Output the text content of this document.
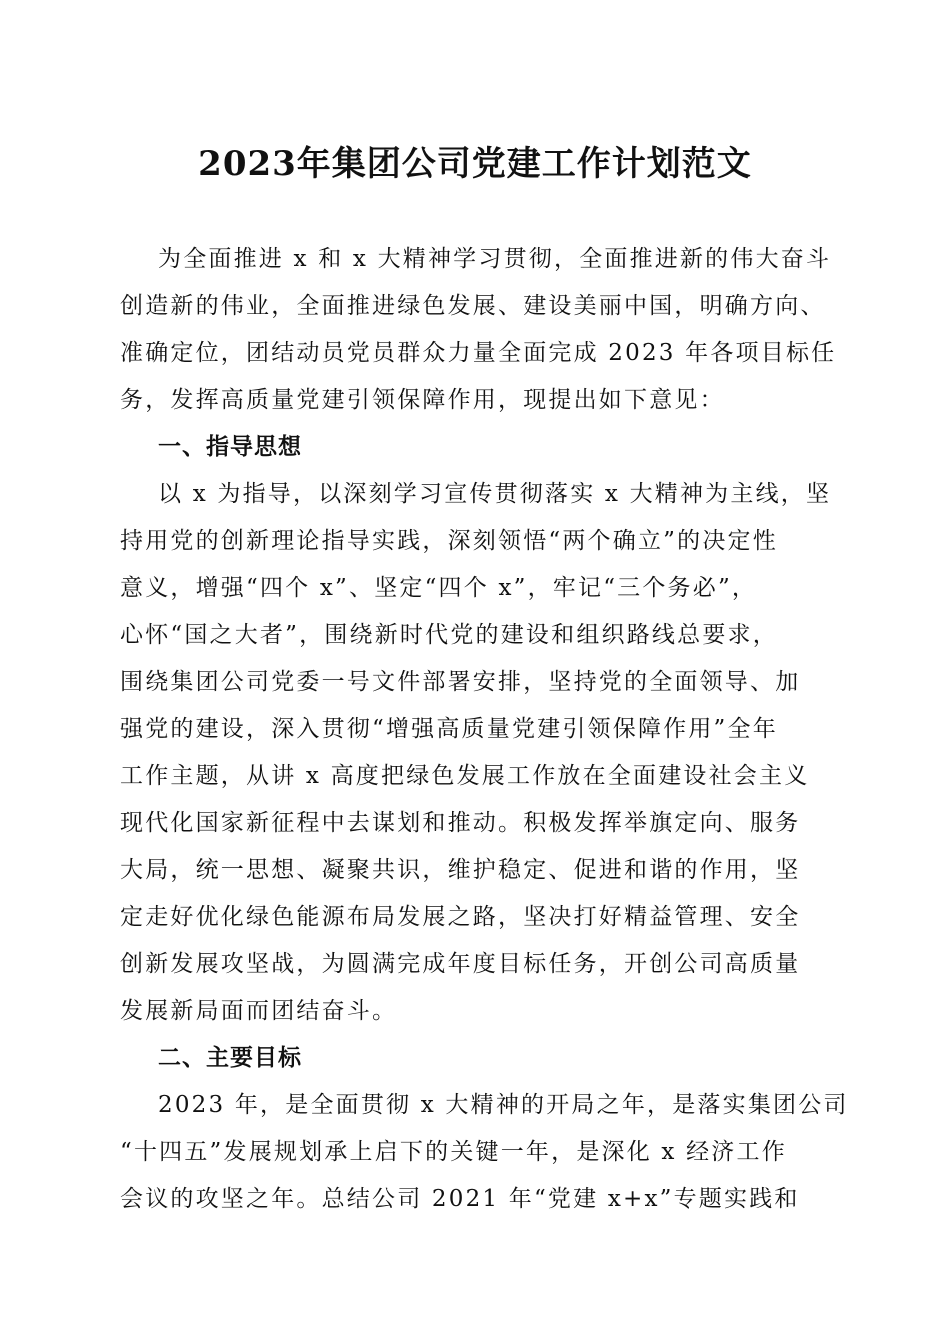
2023年集团公司党建工作计划范文
为全面推进 x 和 x 大精神学习贯彻，全面推进新的伟大奋斗
创造新的伟业，全面推进绿色发展、建设美丽中国，明确方向、
准确定位，团结动员党员群众力量全面完成 2023 年各项目标任
务，发挥高质量党建引领保障作用，现提出如下意见：
一、指导思想
以 x 为指导，以深刻学习宣传贯彻落实 x 大精神为主线，坚
持用党的创新理论指导实践，深刻领悟“两个确立”的决定性
意义，增强“四个 x”、坚定“四个 x”，牢记“三个务必”，
心怀“国之大者”，围绕新时代党的建设和组织路线总要求，
围绕集团公司党委一号文件部署安排，坚持党的全面领导、加
强党的建设，深入贯彻“增强高质量党建引领保障作用”全年
工作主题，从讲 x 高度把绿色发展工作放在全面建设社会主义
现代化国家新征程中去谋划和推动。积极发挥举旗定向、服务
大局，统一思想、凝聚共识，维护稳定、促进和谐的作用，坚
定走好优化绿色能源布局发展之路，坚决打好精益管理、安全
创新发展攻坚战，为圆满完成年度目标任务，开创公司高质量
发展新局面而团结奋斗。
二、主要目标
2023 年，是全面贯彻 x 大精神的开局之年，是落实集团公司
“十四五”发展规划承上启下的关键一年，是深化 x 经济工作
会议的攻坚之年。总结公司 2021 年“党建 x+x”专题实践和
